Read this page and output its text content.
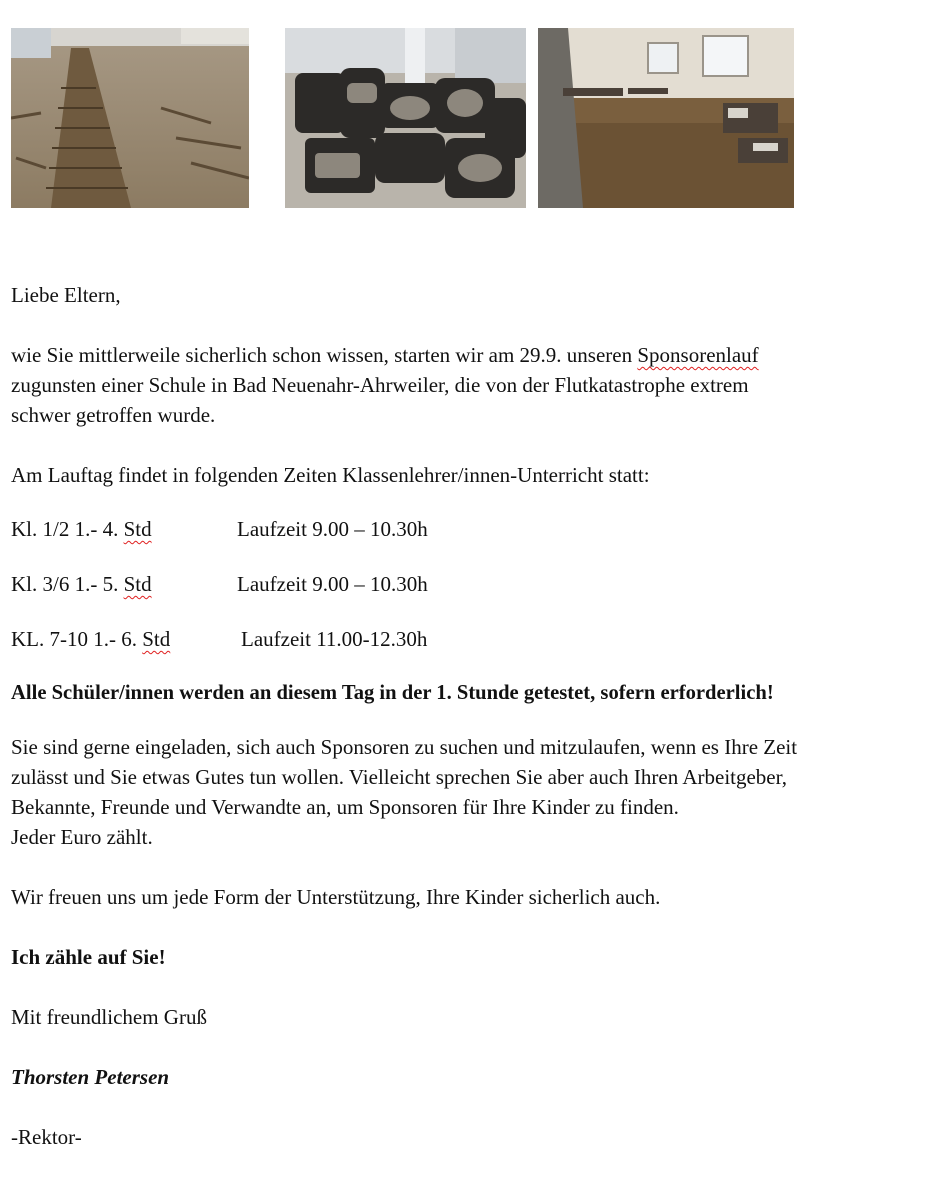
Liebe Eltern,

wie Sie mittlerweile sicherlich schon wissen, starten wir am 29.9. unseren Sponsorenlauf
zugunsten einer Schule in Bad Neuenahr-Ahrweiler, die von der Flutkatastrophe extrem
schwer getroffen wurde.

Am Lauftag findet in folgenden Zeiten Klassenlehrer/innen-Unterricht statt:

Kl. 1/2 1.- 4. Std	Laufzeit 9.00 – 10.30h
Kl. 3/6 1.- 5. Std	Laufzeit 9.00 – 10.30h
KL. 7-10 1.- 6. Std	Laufzeit 11.00-12.30h

Alle Schüler/innen werden an diesem Tag in der 1. Stunde getestet, sofern erforderlich!

Sie sind gerne eingeladen, sich auch Sponsoren zu suchen und mitzulaufen, wenn es Ihre Zeit
zulässt und Sie etwas Gutes tun wollen. Vielleicht sprechen Sie aber auch Ihren Arbeitgeber,
Bekannte, Freunde und Verwandte an, um Sponsoren für Ihre Kinder zu finden.
Jeder Euro zählt.

Wir freuen uns um jede Form der Unterstützung, Ihre Kinder sicherlich auch.

Ich zähle auf Sie!

Mit freundlichem Gruß

Thorsten Petersen

-Rektor-
